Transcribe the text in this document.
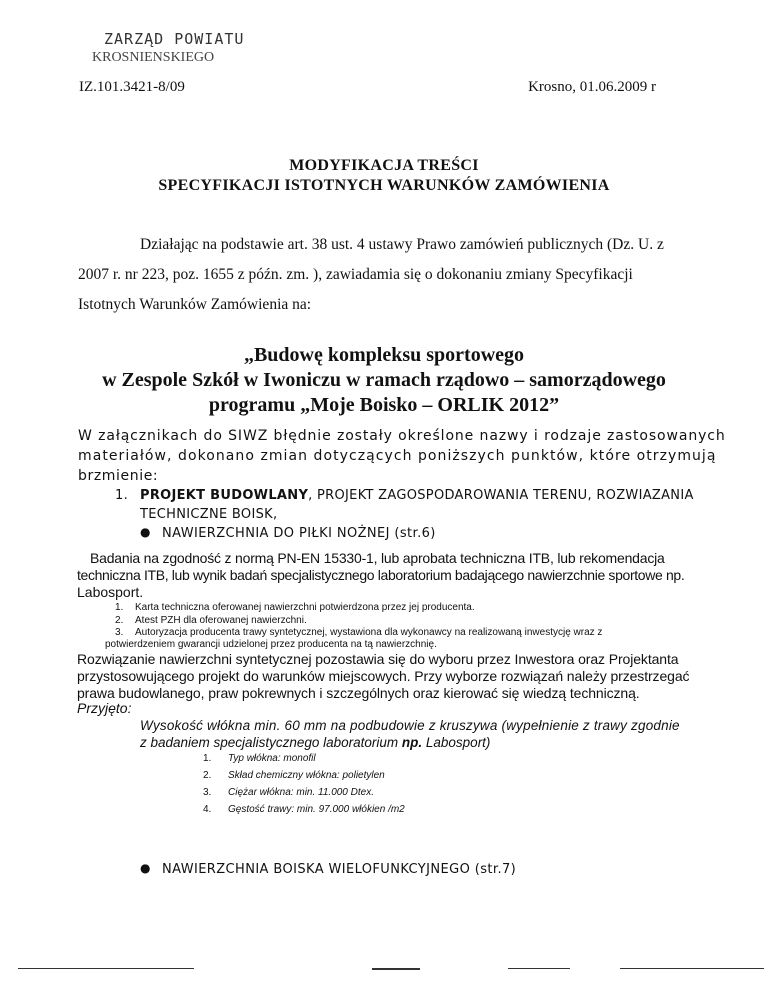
ZARZĄD POWIATU
KROSNIENSKIEGO
IZ.101.3421-8/09	Krosno, 01.06.2009 r
MODYFIKACJA TREŚCI
SPECYFIKACJI ISTOTNYCH WARUNKÓW ZAMÓWIENIA
Działając na podstawie art. 38 ust. 4 ustawy Prawo zamówień publicznych (Dz. U. z
2007 r. nr 223, poz. 1655 z późn. zm. ), zawiadamia się o dokonaniu zmiany Specyfikacji
Istotnych Warunków Zamówienia na:
„Budowę kompleksu sportowego
w Zespole Szkół w Iwoniczu w ramach rządowo – samorządowego
programu „Moje Boisko – ORLIK 2012”
W załącznikach do SIWZ błędnie zostały określone nazwy i rodzaje zastosowanych
materiałów, dokonano zmian dotyczących poniższych punktów, które otrzymują
brzmienie:
1. PROJEKT BUDOWLANY, PROJEKT ZAGOSPODAROWANIA TERENU, ROZWIAZANIA
TECHNICZNE BOISK,
● NAWIERZCHNIA DO PIŁKI NOŻNEJ (str.6)
Badania na zgodność z normą PN-EN 15330-1, lub aprobata techniczna ITB, lub rekomendacja
techniczna ITB, lub wynik badań specjalistycznego laboratorium badającego nawierzchnie sportowe np.
Labosport.
1. Karta techniczna oferowanej nawierzchni potwierdzona przez jej producenta.
2. Atest PZH dla oferowanej nawierzchni.
3. Autoryzacja producenta trawy syntetycznej, wystawiona dla wykonawcy na realizowaną inwestycję wraz z
potwierdzeniem gwarancji udzielonej przez producenta na tą nawierzchnię.
Rozwiązanie nawierzchni syntetycznej pozostawia się do wyboru przez Inwestora oraz Projektanta
przystosowującego projekt do warunków miejscowych. Przy wyborze rozwiązań należy przestrzegać
prawa budowlanego, praw pokrewnych i szczególnych oraz kierować się wiedzą techniczną.
Przyjęto:
Wysokość włókna min. 60 mm na podbudowie z kruszywa (wypełnienie z trawy zgodnie
z badaniem specjalistycznego laboratorium np. Labosport)
1. Typ włókna: monofil
2. Skład chemiczny włókna: polietylen
3. Ciężar włókna: min. 11.000 Dtex.
4. Gęstość trawy: min. 97.000 włókien /m2
● NAWIERZCHNIA BOISKA WIELOFUNKCYJNEGO (str.7)
